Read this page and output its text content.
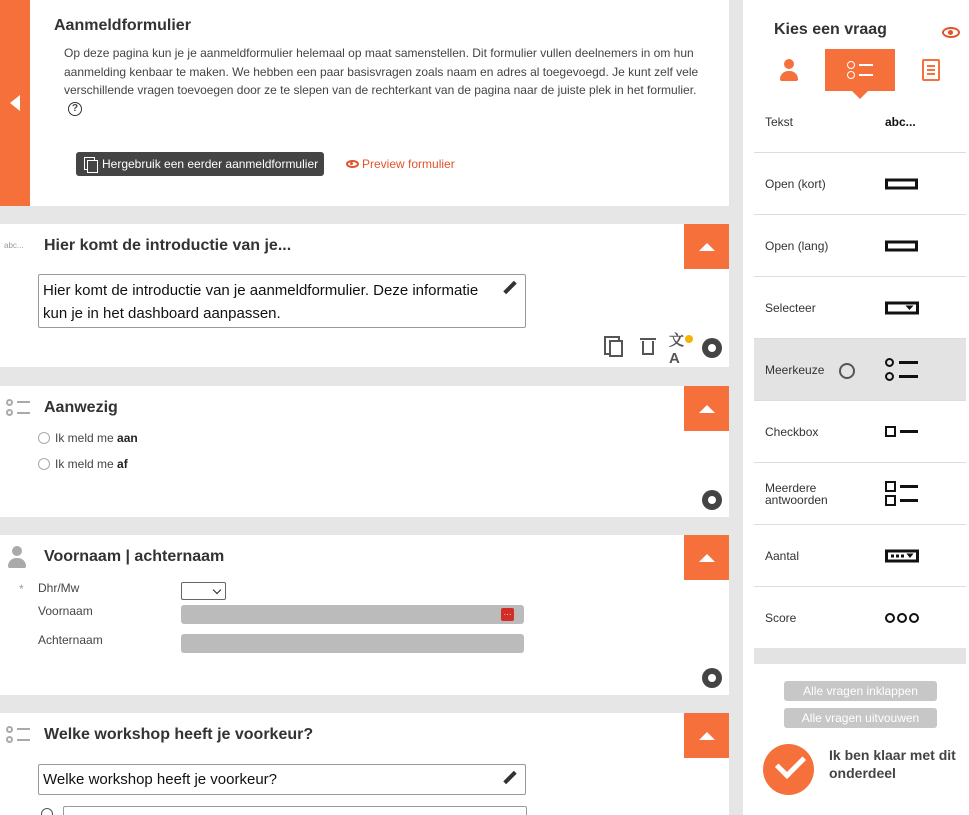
Aanmeldformulier

Op deze pagina kun je je aanmeldformulier helemaal op maat samenstellen. Dit formulier vullen deelnemers in om hun aanmelding kenbaar te maken. We hebben een paar basisvragen zoals naam en adres al toegevoegd. Je kunt zelf vele verschillende vragen toevoegen door ze te slepen van de rechterkant van de pagina naar de juiste plek in het formulier. ?

Hergebruik een eerder aanmeldformulier	Preview formulier
abc... Hier komt de introductie van je...
Hier komt de introductie van je aanmeldformulier. Deze informatie kun je in het dashboard aanpassen.
文A
Aanwezig
Ik meld me aan
Ik meld me af
Voornaam | achternaam
* Dhr/Mw
Voornaam	···
Achternaam
Welke workshop heeft je voorkeur?
Welke workshop heeft je voorkeur?
Kies een vraag
Tekst	abc...
Open (kort)
Open (lang)
Selecteer
Meerkeuze
Checkbox
Meerdere antwoorden
Aantal
Score
Alle vragen inklappen
Alle vragen uitvouwen
Ik ben klaar met dit onderdeel
